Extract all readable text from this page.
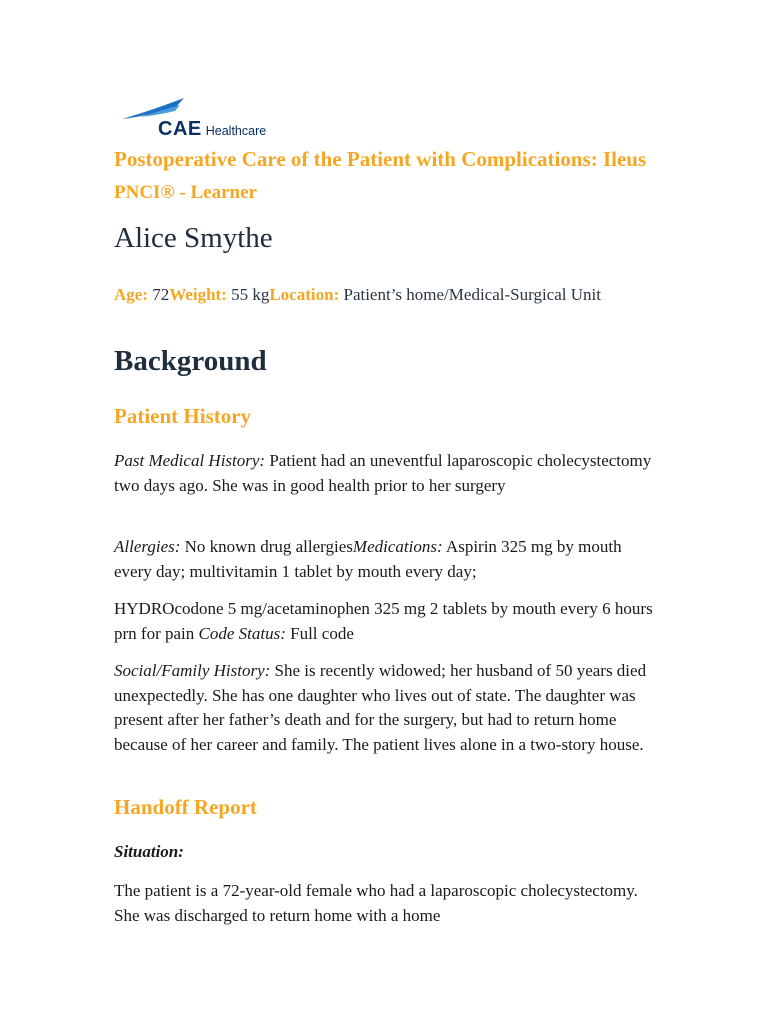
CAE Healthcare
Postoperative Care of the Patient with Complications: Ileus PNCI® - Learner
Alice Smythe
Age: 72Weight: 55 kgLocation: Patient’s home/Medical-Surgical Unit
Background
Patient History

Past Medical History: Patient had an uneventful laparoscopic cholecystectomy two days ago. She was in good health prior to her surgery

Allergies: No known drug allergiesMedications: Aspirin 325 mg by mouth every day; multivitamin 1 tablet by mouth every day;

HYDROcodone 5 mg/acetaminophen 325 mg 2 tablets by mouth every 6 hours prn for pain Code Status: Full code

Social/Family History: She is recently widowed; her husband of 50 years died unexpectedly. She has one daughter who lives out of state. The daughter was present after her father’s death and for the surgery, but had to return home because of her career and family. The patient lives alone in a two-story house.

Handoff Report

Situation:

The patient is a 72-year-old female who had a laparoscopic cholecystectomy. She was discharged to return home with a home
